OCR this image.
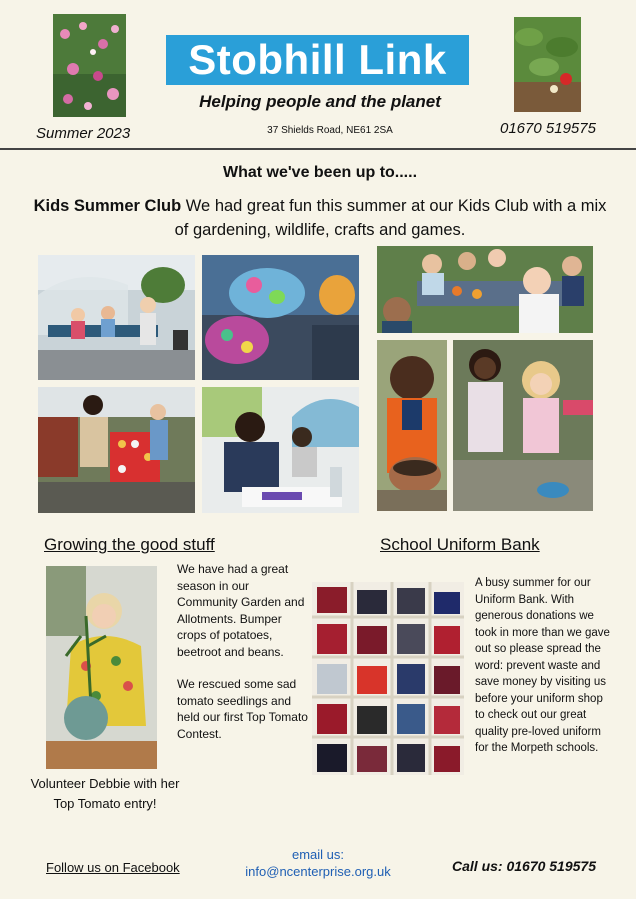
Stobhill Link
Helping people and the planet
Summer 2023	37 Shields Road, NE61 2SA	01670 519575
What we've been up to.....
Kids Summer Club We had great fun this summer at our Kids Club with a mix of gardening, wildlife, crafts and games.
Growing the good stuff

We have had a great season in our Community Garden and Allotments. Bumper crops of potatoes, beetroot and beans.

We rescued some sad tomato seedlings and held our first Top Tomato Contest.

Volunteer Debbie with her
Top Tomato entry!
School Uniform Bank
A busy summer for our Uniform Bank. With generous donations we took in more than we gave out so please spread the word: prevent waste and save money by visiting us before your uniform shop to check out our great quality pre-loved uniform for the Morpeth schools.
Follow us on Facebook
email us:
info@ncenterprise.org.uk	Call us: 01670 519575
